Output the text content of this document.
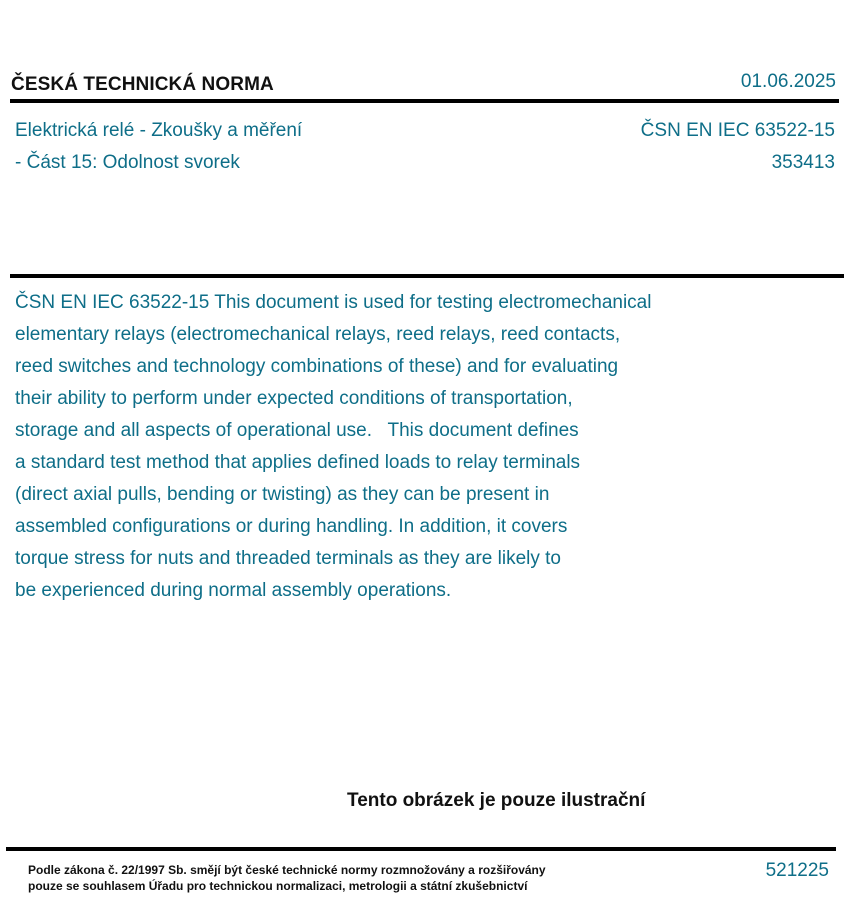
ČESKÁ TECHNICKÁ NORMA	01.06.2025
Elektrická relé - Zkoušky a měření
- Část 15: Odolnost svorek
ČSN EN IEC 63522-15
353413

ČSN EN IEC 63522-15 This document is used for testing electromechanical
elementary relays (electromechanical relays, reed relays, reed contacts,
reed switches and technology combinations of these) and for evaluating
their ability to perform under expected conditions of transportation,
storage and all aspects of operational use.   This document defines
a standard test method that applies defined loads to relay terminals
(direct axial pulls, bending or twisting) as they can be present in
assembled configurations or during handling. In addition, it covers
torque stress for nuts and threaded terminals as they are likely to
be experienced during normal assembly operations.

Tento obrázek je pouze ilustrační
Podle zákona č. 22/1997 Sb. smějí být české technické normy rozmnožovány a rozšiřovány
pouze se souhlasem Úřadu pro technickou normalizaci, metrologii a státní zkušebnictví
521225
